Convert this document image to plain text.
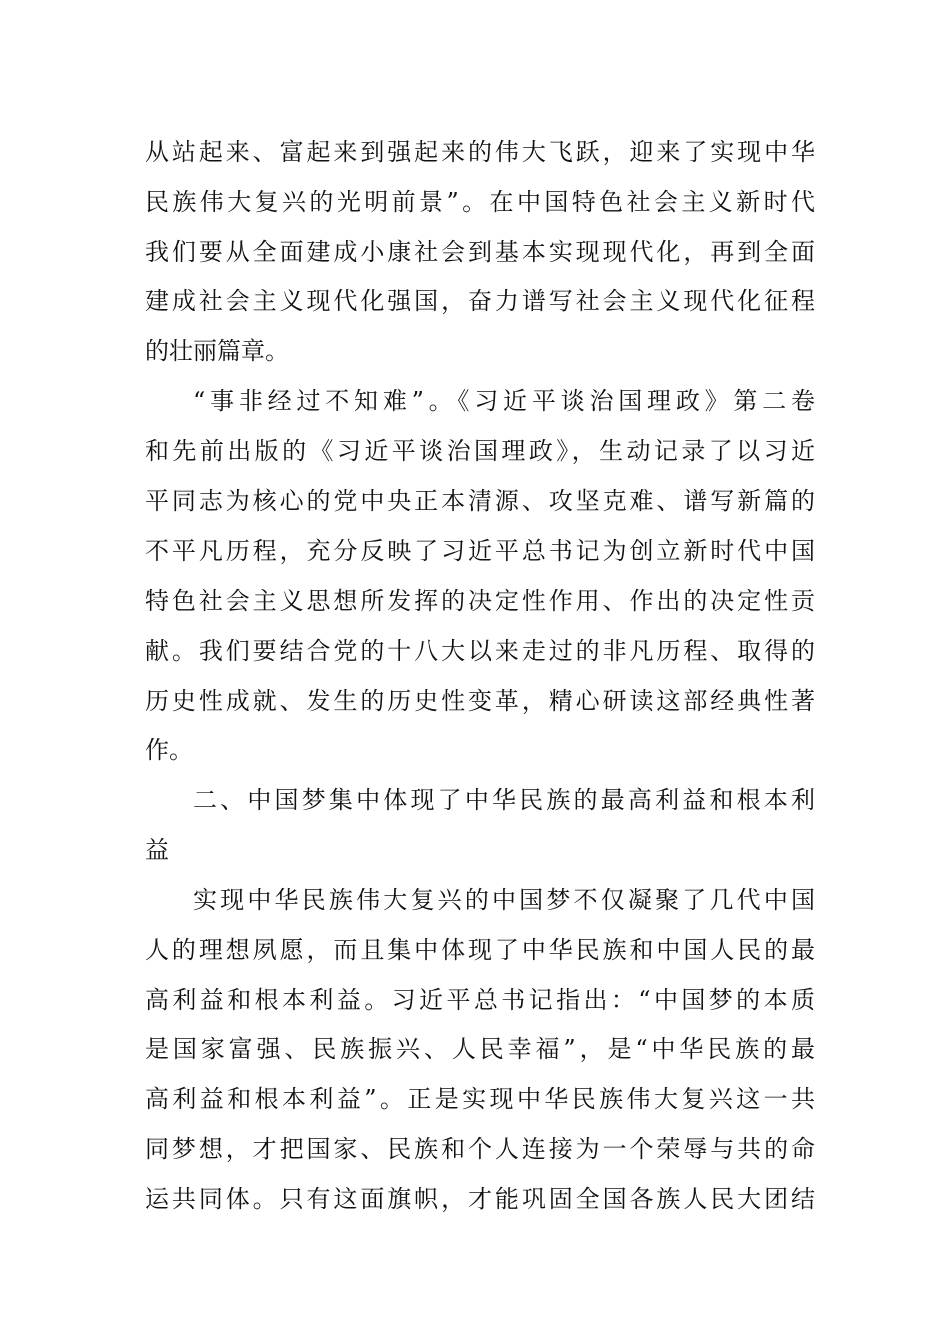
从站起来、富起来到强起来的伟大飞跃，迎来了实现中华
民族伟大复兴的光明前景”。在中国特色社会主义新时代
我们要从全面建成小康社会到基本实现现代化，再到全面
建成社会主义现代化强国，奋力谱写社会主义现代化征程
的壮丽篇章。
“事非经过不知难”。《习近平谈治国理政》第二卷
和先前出版的《习近平谈治国理政》，生动记录了以习近
平同志为核心的党中央正本清源、攻坚克难、谱写新篇的
不平凡历程，充分反映了习近平总书记为创立新时代中国
特色社会主义思想所发挥的决定性作用、作出的决定性贡
献。我们要结合党的十八大以来走过的非凡历程、取得的
历史性成就、发生的历史性变革，精心研读这部经典性著
作。
二、中国梦集中体现了中华民族的最高利益和根本利
益
实现中华民族伟大复兴的中国梦不仅凝聚了几代中国
人的理想夙愿，而且集中体现了中华民族和中国人民的最
高利益和根本利益。习近平总书记指出：“中国梦的本质
是国家富强、民族振兴、人民幸福”，是“中华民族的最
高利益和根本利益”。正是实现中华民族伟大复兴这一共
同梦想，才把国家、民族和个人连接为一个荣辱与共的命
运共同体。只有这面旗帜，才能巩固全国各族人民大团结
